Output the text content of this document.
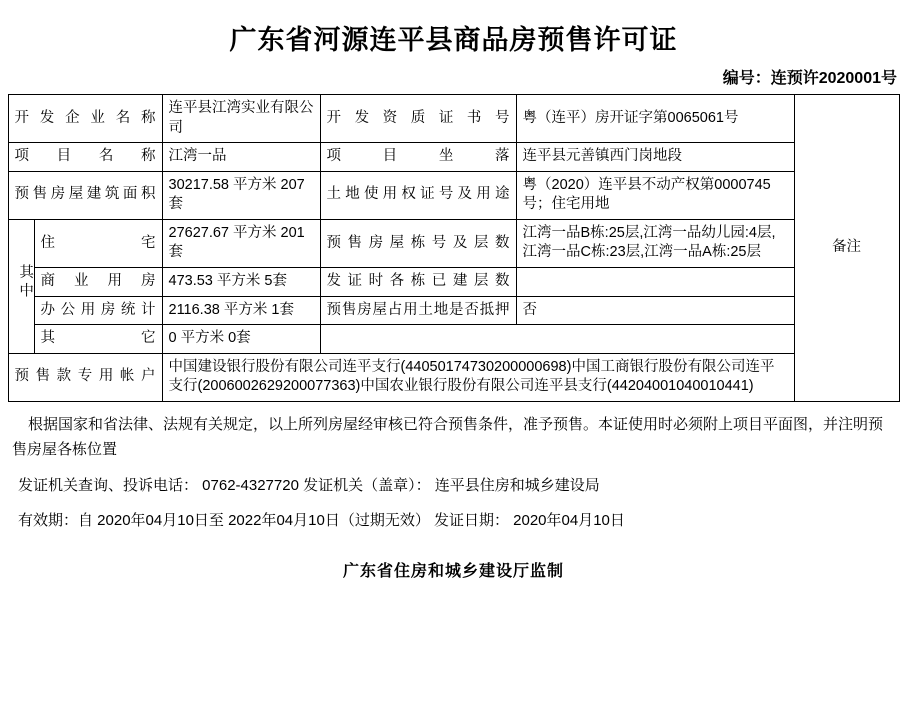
广东省河源连平县商品房预售许可证
编号：连预许2020001号
开发企业名称		连平县江湾实业有限公司	开发资质证书号	粤（连平）房开证字第0065061号	备注
项 目 名 称		江湾一品	项 目 坐 落	连平县元善镇西门岗地段	
预售房屋建筑面积		30217.58 平方米 207套	土地使用权证号及用途	粤（2020）连平县不动产权第0000745号；住宅用地	
其中	住 宅	27627.67 平方米 201套	预售房屋栋号及层数	江湾一品B栋:25层,江湾一品幼儿园:4层,江湾一品C栋:23层,江湾一品A栋:25层	
	商 业 用 房	473.53 平方米 5套	发证时各栋已建层数		
	办公用房统计	2116.38 平方米 1套	预售房屋占用土地是否抵押	否	
	其 它	0 平方米 0套			
预售款专用帐户		中国建设银行股份有限公司连平支行(44050174730200000698)中国工商银行股份有限公司连平支行(2006002629200077363)中国农业银行股份有限公司连平县支行(44204001040010441)			
根据国家和省法律、法规有关规定，以上所列房屋经审核已符合预售条件，准予预售。本证使用时必须附上项目平面图，并注明预售房屋各栋位置
发证机关查询、投诉电话： 0762-4327720 发证机关（盖章）： 连平县住房和城乡建设局
有效期：自 2020年04月10日至 2022年04月10日（过期无效） 发证日期： 2020年04月10日
广东省住房和城乡建设厅监制
